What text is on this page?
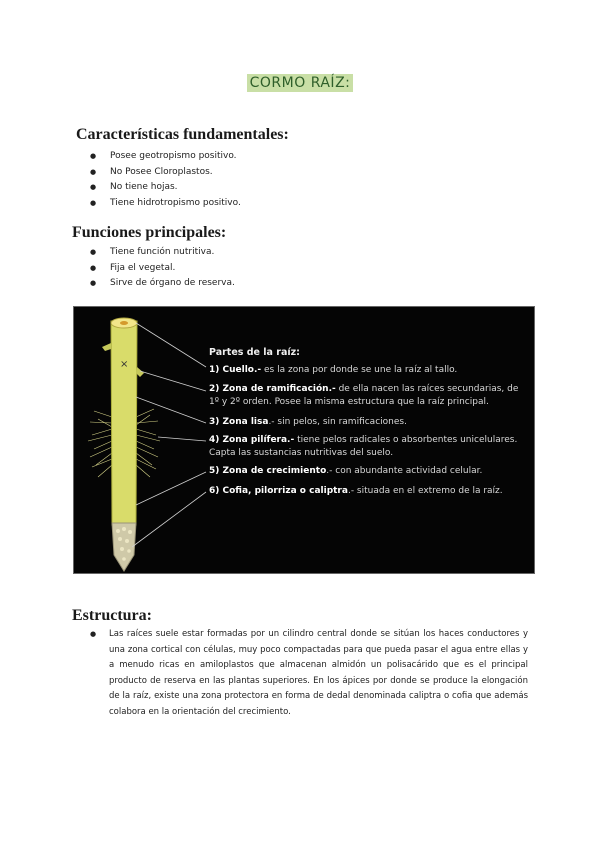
CORMO RAÍZ:
Características fundamentales:
● Posee geotropismo positivo.
● No Posee Cloroplastos.
● No tiene hojas.
● Tiene hidrotropismo positivo.
Funciones principales:
● Tiene función nutritiva.
● Fija el vegetal.
● Sirve de órgano de reserva.
×
Partes de la raíz:
1) Cuello.- es la zona por donde se une la raíz al tallo.
2) Zona de ramificación.- de ella nacen las raíces secundarias, de 1º y 2º orden. Posee la misma estructura que la raíz principal.
3) Zona lisa.- sin pelos, sin ramificaciones.
4) Zona pilífera.- tiene pelos radicales o absorbentes unicelulares. Capta las sustancias nutritivas del suelo.
5) Zona de crecimiento.- con abundante actividad celular.
6) Cofia, pilorriza o caliptra.- situada en el extremo de la raíz.
Estructura:
● Las raíces suele estar formadas por un cilindro central donde se sitúan los haces conductores y una zona cortical con células, muy poco compactadas para que pueda pasar el agua entre ellas y a menudo ricas en amiloplastos que almacenan almidón un polisacárido que es el principal producto de reserva en las plantas superiores. En los ápices por donde se produce la elongación de la raíz, existe una zona protectora en forma de dedal denominada caliptra o cofia que además colabora en la orientación del crecimiento.
